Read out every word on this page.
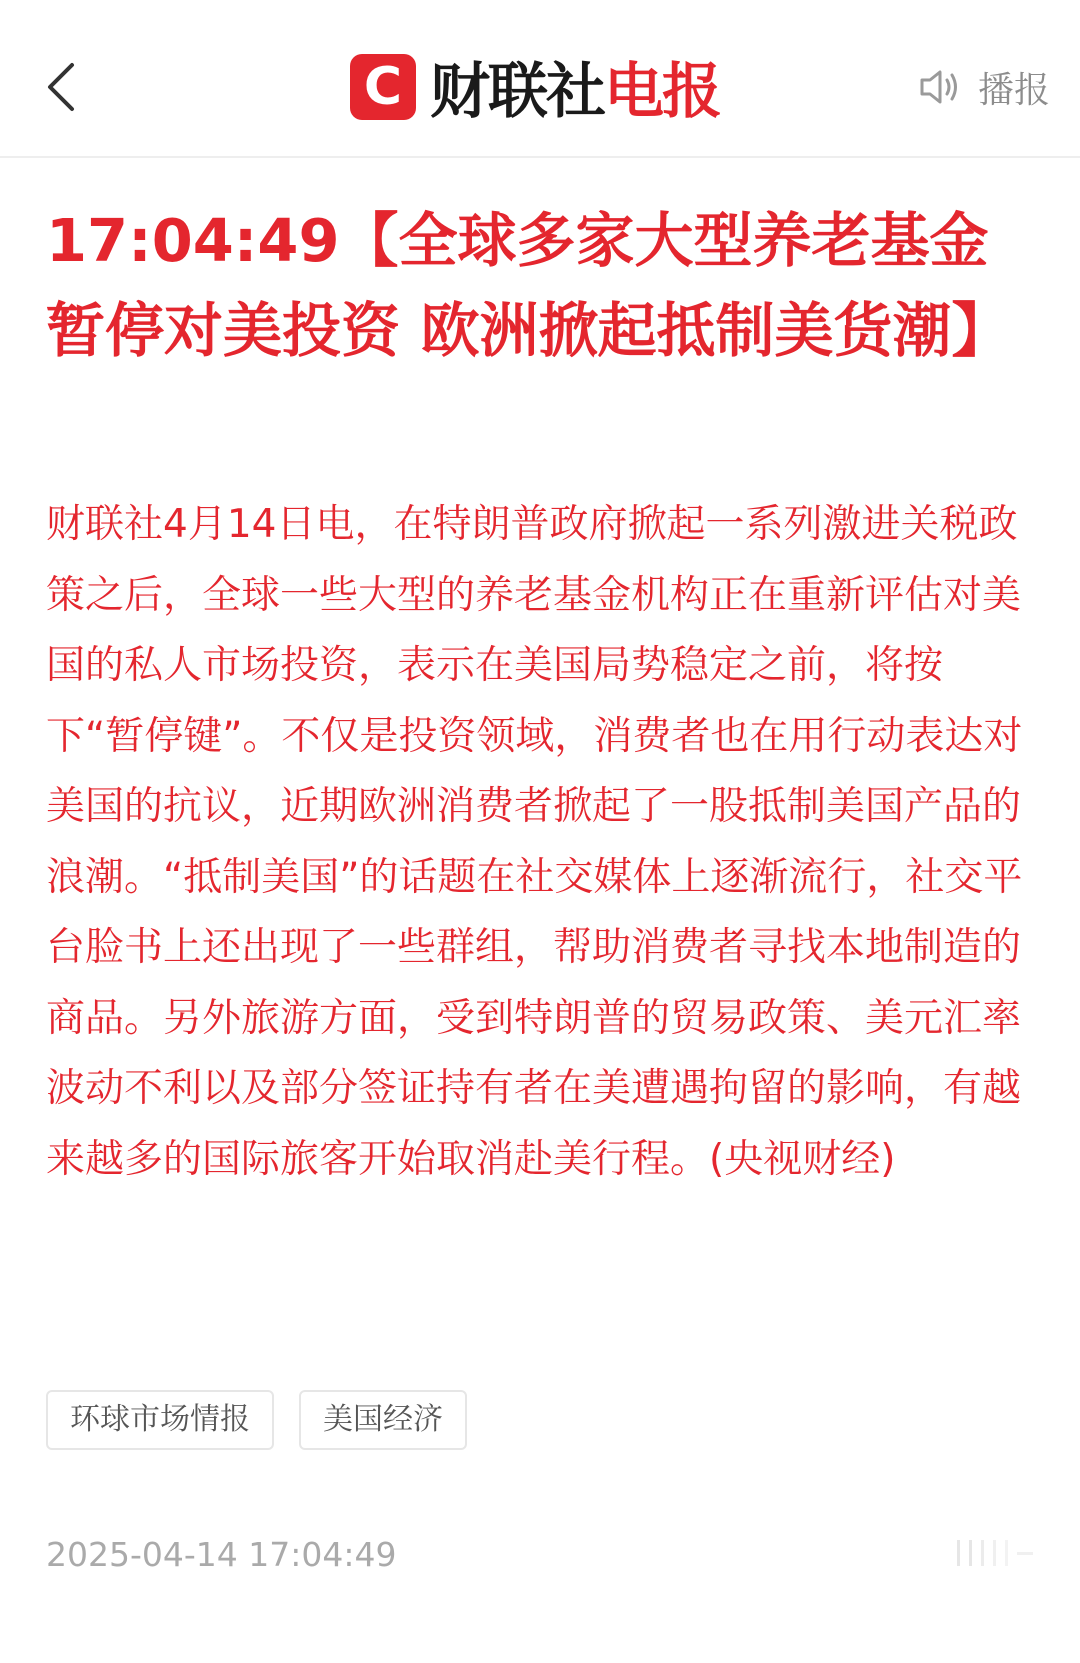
C 财联社 电报	播报
17:04:49【全球多家大型养老基金暂停对美投资 欧洲掀起抵制美货潮】

财联社4月14日电，在特朗普政府掀起一系列激进关税政策之后，全球一些大型的养老基金机构正在重新评估对美国的私人市场投资，表示在美国局势稳定之前，将按下“暂停键”。不仅是投资领域，消费者也在用行动表达对美国的抗议，近期欧洲消费者掀起了一股抵制美国产品的浪潮。“抵制美国”的话题在社交媒体上逐渐流行，社交平台脸书上还出现了一些群组，帮助消费者寻找本地制造的商品。另外旅游方面，受到特朗普的贸易政策、美元汇率波动不利以及部分签证持有者在美遭遇拘留的影响，有越来越多的国际旅客开始取消赴美行程。(央视财经)

环球市场情报	美国经济
2025-04-14 17:04:49
